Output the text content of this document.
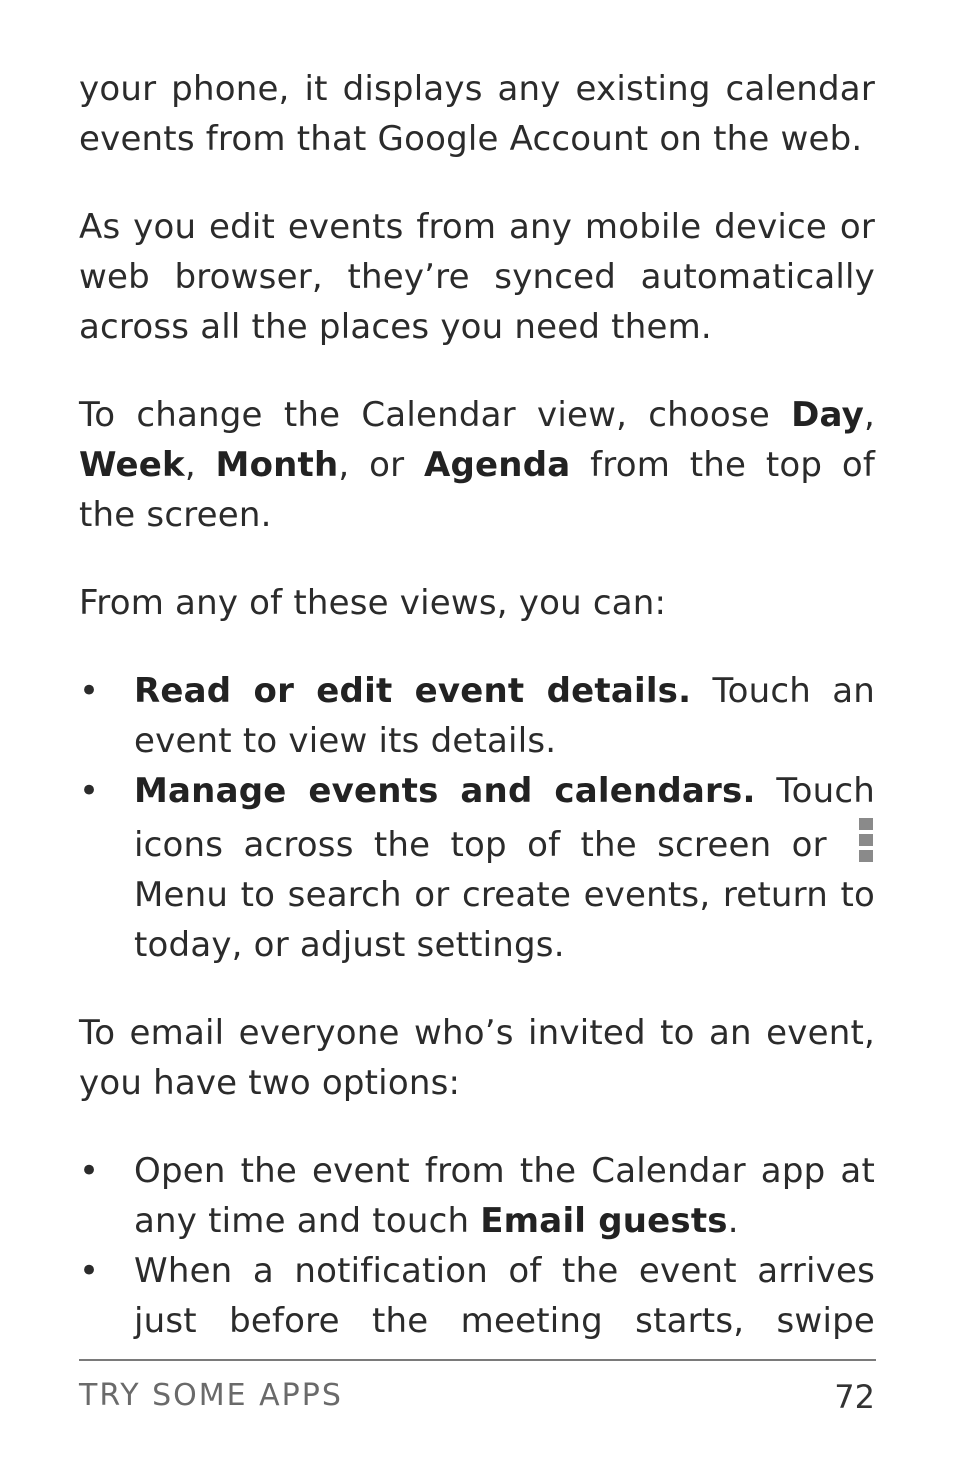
your phone, it displays any existing calendar events from that Google Account on the web.

As you edit events from any mobile device or web browser, they’re synced automatically across all the places you need them.

To change the Calendar view, choose Day, Week, Month, or Agenda from the top of the screen.

From any of these views, you can:

• Read or edit event details. Touch an event to view its details.
• Manage events and calendars. Touch icons across the top of the screen or
Menu to search or create events, return to today, or adjust settings.

To email everyone who’s invited to an event, you have two options:

• Open the event from the Calendar app at any time and touch Email guests.
• When a notification of the event arrives just before the meeting starts, swipe
TRY SOME APPS	72
